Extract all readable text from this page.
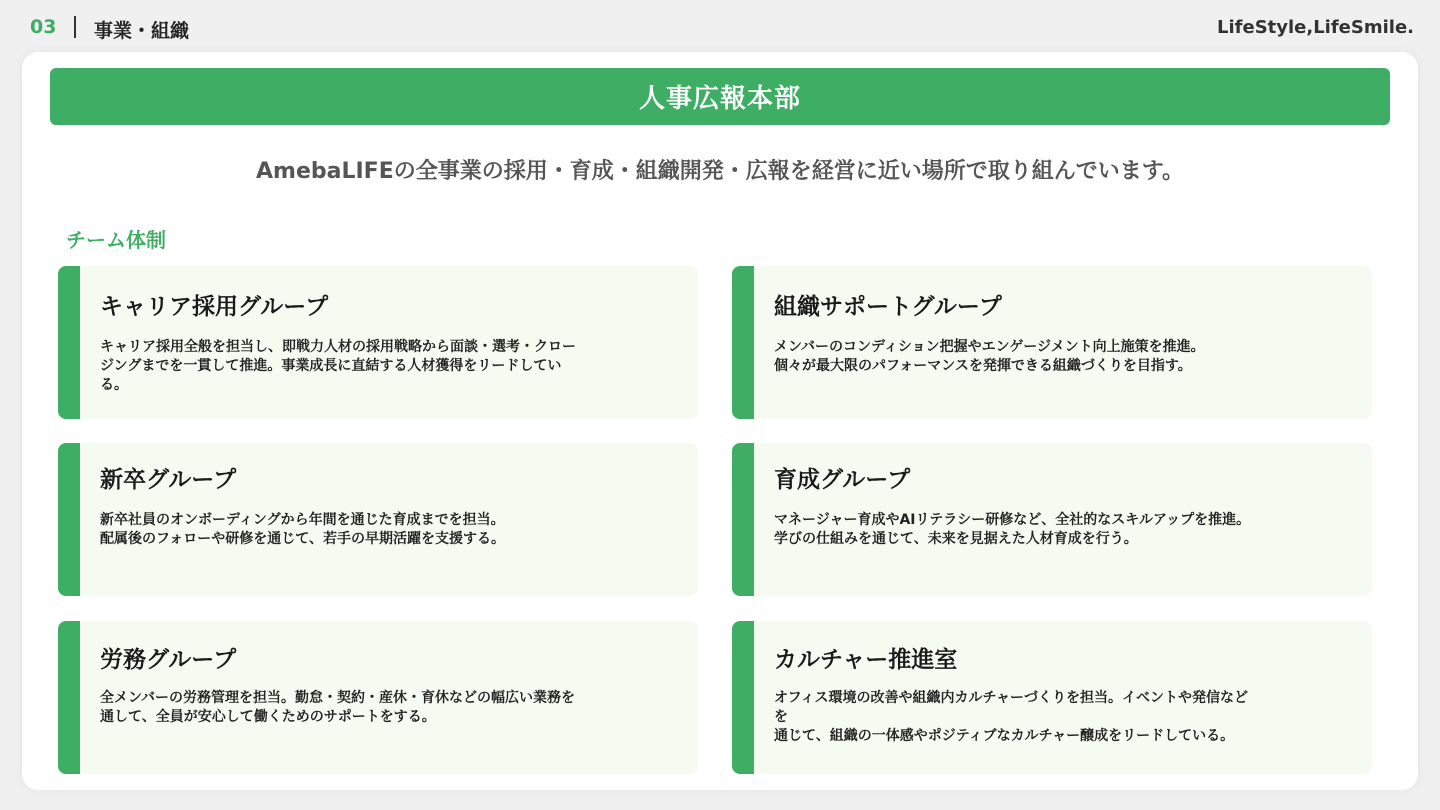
03 事業・組織	LifeStyle,LifeSmile.
人事広報本部
AmebaLIFEの全事業の採用・育成・組織開発・広報を経営に近い場所で取り組んでいます。
チーム体制
キャリア採用グループ
キャリア採用全般を担当し、即戦力人材の採用戦略から面談・選考・クロー
ジングまでを一貫して推進。事業成長に直結する人材獲得をリードしてい
る。
組織サポートグループ
メンバーのコンディション把握やエンゲージメント向上施策を推進。
個々が最大限のパフォーマンスを発揮できる組織づくりを目指す。
新卒グループ
新卒社員のオンボーディングから年間を通じた育成までを担当。
配属後のフォローや研修を通じて、若手の早期活躍を支援する。
育成グループ
マネージャー育成やAIリテラシー研修など、全社的なスキルアップを推進。
学びの仕組みを通じて、未来を見据えた人材育成を行う。
労務グループ
全メンバーの労務管理を担当。勤怠・契約・産休・育休などの幅広い業務を
通して、全員が安心して働くためのサポートをする。
カルチャー推進室
オフィス環境の改善や組織内カルチャーづくりを担当。イベントや発信など
を
通じて、組織の一体感やポジティブなカルチャー醸成をリードしている。
